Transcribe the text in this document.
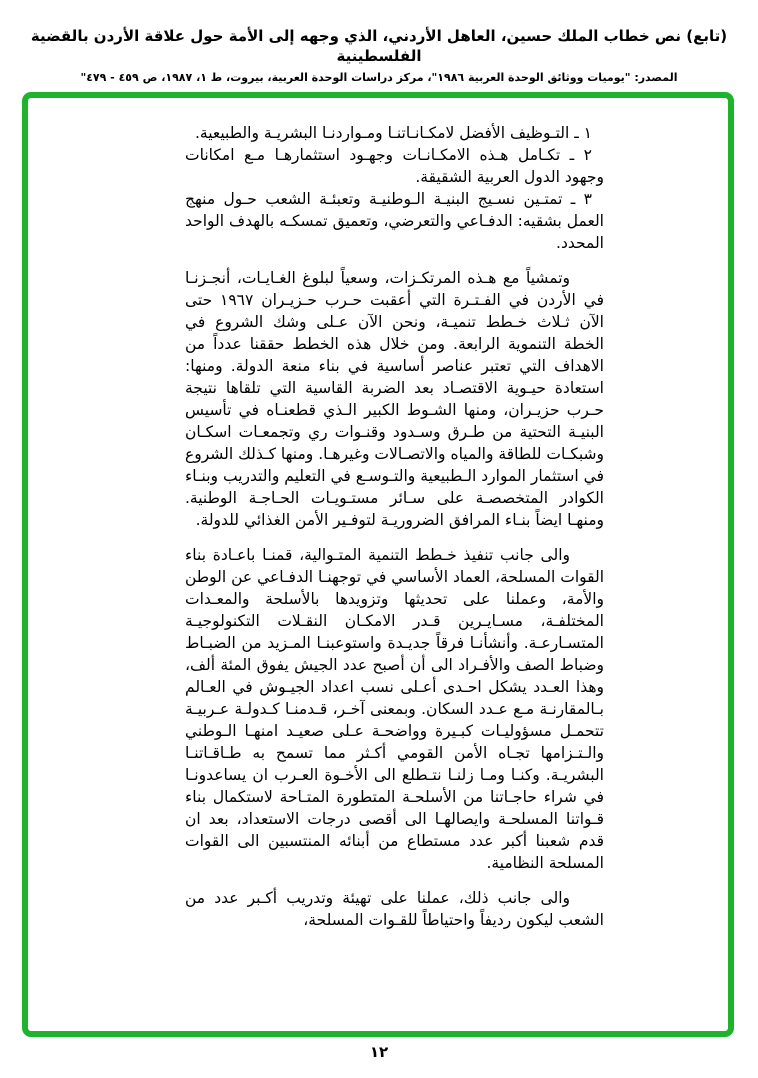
(تابع) نص خطاب الملك حسين، العاهل الأردني، الذي وجهه إلى الأمة حول علاقة الأردن بالقضية الفلسطينية
المصدر: "يوميات ووثائق الوحدة العربية ١٩٨٦"، مركز دراسات الوحدة العربية، بيروت، ط ١، ١٩٨٧، ص ٤٥٩ - ٤٧٩"

١ ـ التـوظيف الأفضل لامكـانـاتنـا ومـواردنـا البشريـة والطبيعية.

٢ ـ تكـامل هـذه الامكـانـات وجهـود استثمارهـا مـع امكانات وجهود الدول العربية الشقيقة.

٣ ـ تمتـين نسـيج البنيـة الـوطنيـة وتعبئـة الشعب حـول منهج العمل بشقيه: الدفـاعي والتعرضي، وتعميق تمسكـه بالهدف الواحد المحدد.

وتمشياً مع هـذه المرتكـزات، وسعياً لبلوغ الغـايـات، أنجـزنـا في الأردن في الفـتـرة التي أعقبت حـرب حـزيـران ١٩٦٧ حتى الآن ثـلاث خـطط تنميـة، ونحن الآن عـلى وشك الشروع في الخطة التنموية الرابعة. ومن خلال هذه الخطط حققنا عدداً من الاهداف التي تعتبر عناصر أساسية في بناء منعة الدولة. ومنها: استعادة حيـوية الاقتصـاد بعد الضربة القاسية التي تلقاها نتيجة حـرب حزيـران، ومنها الشـوط الكبير الـذي قطعنـاه في تأسيس البنيـة التحتية من طـرق وسـدود وقنـوات ري وتجمعـات اسكـان وشبكـات للطاقة والمياه والاتصـالات وغيرهـا. ومنها كـذلك الشروع في استثمار الموارد الـطبيعية والتـوسـع في التعليم والتدريب وبنـاء الكوادر المتخصصـة على سـائر مستـويـات الحـاجـة الوطنية. ومنهـا ايضاً بنـاء المرافق الضروريـة لتوفـير الأمن الغذائي للدولة.

والى جانب تنفيذ خـطط التنمية المتـوالية، قمنـا باعـادة بناء القوات المسلحة، العماد الأساسي في توجهنـا الدفـاعي عن الوطن والأمة، وعملنا على تحديثها وتزويدها بالأسلحة والمعـدات المختلفـة، مسـايـرين قـدر الامكـان النقـلات التكنولوجيـة المتسـارعـة. وأنشأنـا فرقاً جديـدة واستوعبنـا المـزيد من الضبـاط وضباط الصف والأفـراد الى أن أصبح عدد الجيش يفوق المئة ألف، وهذا العـدد يشكل احـدى أعـلى نسب اعداد الجيـوش في العـالم بـالمقارنـة مـع عـدد السكان. وبمعنى آخـر، قـدمنـا كـدولـة عـربيـة تتحمـل مسؤوليـات كبـيرة وواضحـة عـلى صعيـد امنهـا الـوطني والـتـزامها تجـاه الأمن القومي أكـثر مما تسمح به طـاقـاتنـا البشريـة. وكنـا ومـا زلنـا نتـطلع الى الأخـوة العـرب ان يساعدونـا في شراء حاجـاتنا من الأسلحـة المتطورة المتـاحة لاستكمال بناء قـواتنا المسلحـة وايصالهـا الى أقصى درجات الاستعداد، بعد ان قدم شعبنا أكبر عدد مستطاع من أبنائه المنتسبين الى القوات المسلحة النظامية.

والى جانب ذلك، عملنا على تهيئة وتدريب أكـبر عدد من الشعب ليكون رديفاً واحتياطاً للقـوات المسلحة،

١٢
